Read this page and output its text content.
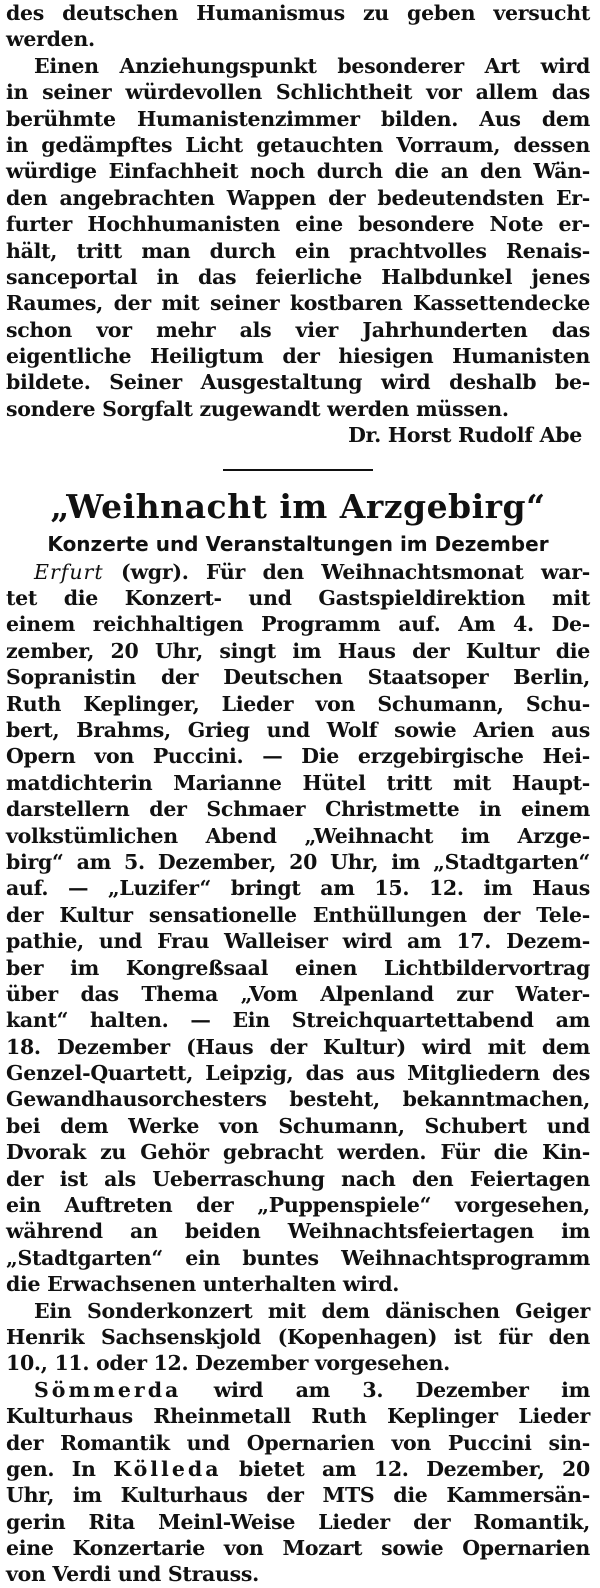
des deutschen Humanismus zu geben versucht
werden.
Einen Anziehungspunkt besonderer Art wird
in seiner würdevollen Schlichtheit vor allem das
berühmte Humanistenzimmer bilden. Aus dem
in gedämpftes Licht getauchten Vorraum, dessen
würdige Einfachheit noch durch die an den Wän-
den angebrachten Wappen der bedeutendsten Er-
furter Hochhumanisten eine besondere Note er-
hält, tritt man durch ein prachtvolles Renais-
sanceportal in das feierliche Halbdunkel jenes
Raumes, der mit seiner kostbaren Kassettendecke
schon vor mehr als vier Jahrhunderten das
eigentliche Heiligtum der hiesigen Humanisten
bildete. Seiner Ausgestaltung wird deshalb be-
sondere Sorgfalt zugewandt werden müssen.
Dr. Horst Rudolf Abe
„Weihnacht im Arzgebirg“
Konzerte und Veranstaltungen im Dezember
Erfurt (wgr). Für den Weihnachtsmonat war-
tet die Konzert- und Gastspieldirektion mit
einem reichhaltigen Programm auf. Am 4. De-
zember, 20 Uhr, singt im Haus der Kultur die
Sopranistin der Deutschen Staatsoper Berlin,
Ruth Keplinger, Lieder von Schumann, Schu-
bert, Brahms, Grieg und Wolf sowie Arien aus
Opern von Puccini. — Die erzgebirgische Hei-
matdichterin Marianne Hütel tritt mit Haupt-
darstellern der Schmaer Christmette in einem
volkstümlichen Abend „Weihnacht im Arzge-
birg“ am 5. Dezember, 20 Uhr, im „Stadtgarten“
auf. — „Luzifer“ bringt am 15. 12. im Haus
der Kultur sensationelle Enthüllungen der Tele-
pathie, und Frau Walleiser wird am 17. Dezem-
ber im Kongreßsaal einen Lichtbildervortrag
über das Thema „Vom Alpenland zur Water-
kant“ halten. — Ein Streichquartettabend am
18. Dezember (Haus der Kultur) wird mit dem
Genzel-Quartett, Leipzig, das aus Mitgliedern des
Gewandhausorchesters besteht, bekanntmachen,
bei dem Werke von Schumann, Schubert und
Dvorak zu Gehör gebracht werden. Für die Kin-
der ist als Ueberraschung nach den Feiertagen
ein Auftreten der „Puppenspiele“ vorgesehen,
während an beiden Weihnachtsfeiertagen im
„Stadtgarten“ ein buntes Weihnachtsprogramm
die Erwachsenen unterhalten wird.
Ein Sonderkonzert mit dem dänischen Geiger
Henrik Sachsenskjold (Kopenhagen) ist für den
10., 11. oder 12. Dezember vorgesehen.
Sömmerda wird am 3. Dezember im
Kulturhaus Rheinmetall Ruth Keplinger Lieder
der Romantik und Opernarien von Puccini sin-
gen. In Kölleda bietet am 12. Dezember, 20
Uhr, im Kulturhaus der MTS die Kammersän-
gerin Rita Meinl-Weise Lieder der Romantik,
eine Konzertarie von Mozart sowie Opernarien
von Verdi und Strauss.
